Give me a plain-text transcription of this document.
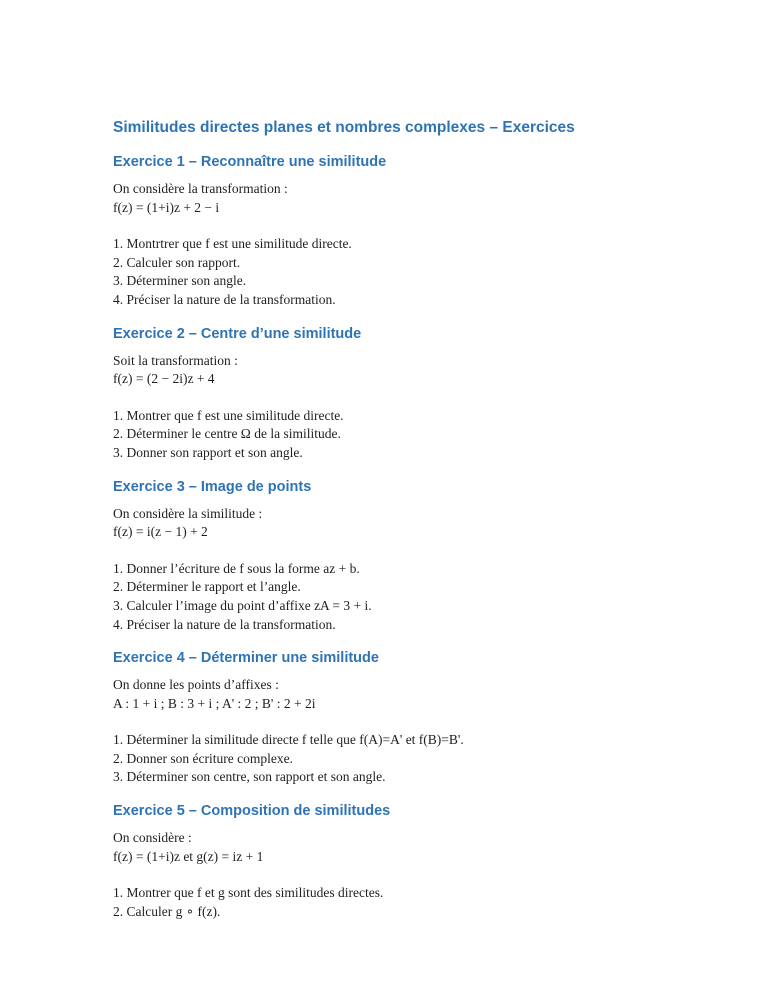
Similitudes directes planes et nombres complexes – Exercices
Exercice 1 – Reconnaître une similitude

On considère la transformation :

f(z) = (1+i)z + 2 − i

1. Montrtrer que f est une similitude directe.

2. Calculer son rapport.

3. Déterminer son angle.

4. Préciser la nature de la transformation.

Exercice 2 – Centre d’une similitude

Soit la transformation :

f(z) = (2 − 2i)z + 4

1. Montrer que f est une similitude directe.

2. Déterminer le centre Ω de la similitude.

3. Donner son rapport et son angle.

Exercice 3 – Image de points

On considère la similitude :

f(z) = i(z − 1) + 2

1. Donner l’écriture de f sous la forme az + b.

2. Déterminer le rapport et l’angle.

3. Calculer l’image du point d’affixe zA = 3 + i.

4. Préciser la nature de la transformation.

Exercice 4 – Déterminer une similitude

On donne les points d’affixes :

A : 1 + i ; B : 3 + i ; A' : 2 ; B' : 2 + 2i

1. Déterminer la similitude directe f telle que f(A)=A' et f(B)=B'.

2. Donner son écriture complexe.

3. Déterminer son centre, son rapport et son angle.

Exercice 5 – Composition de similitudes

On considère :

f(z) = (1+i)z et g(z) = iz + 1

1. Montrer que f et g sont des similitudes directes.

2. Calculer g ∘ f(z).
